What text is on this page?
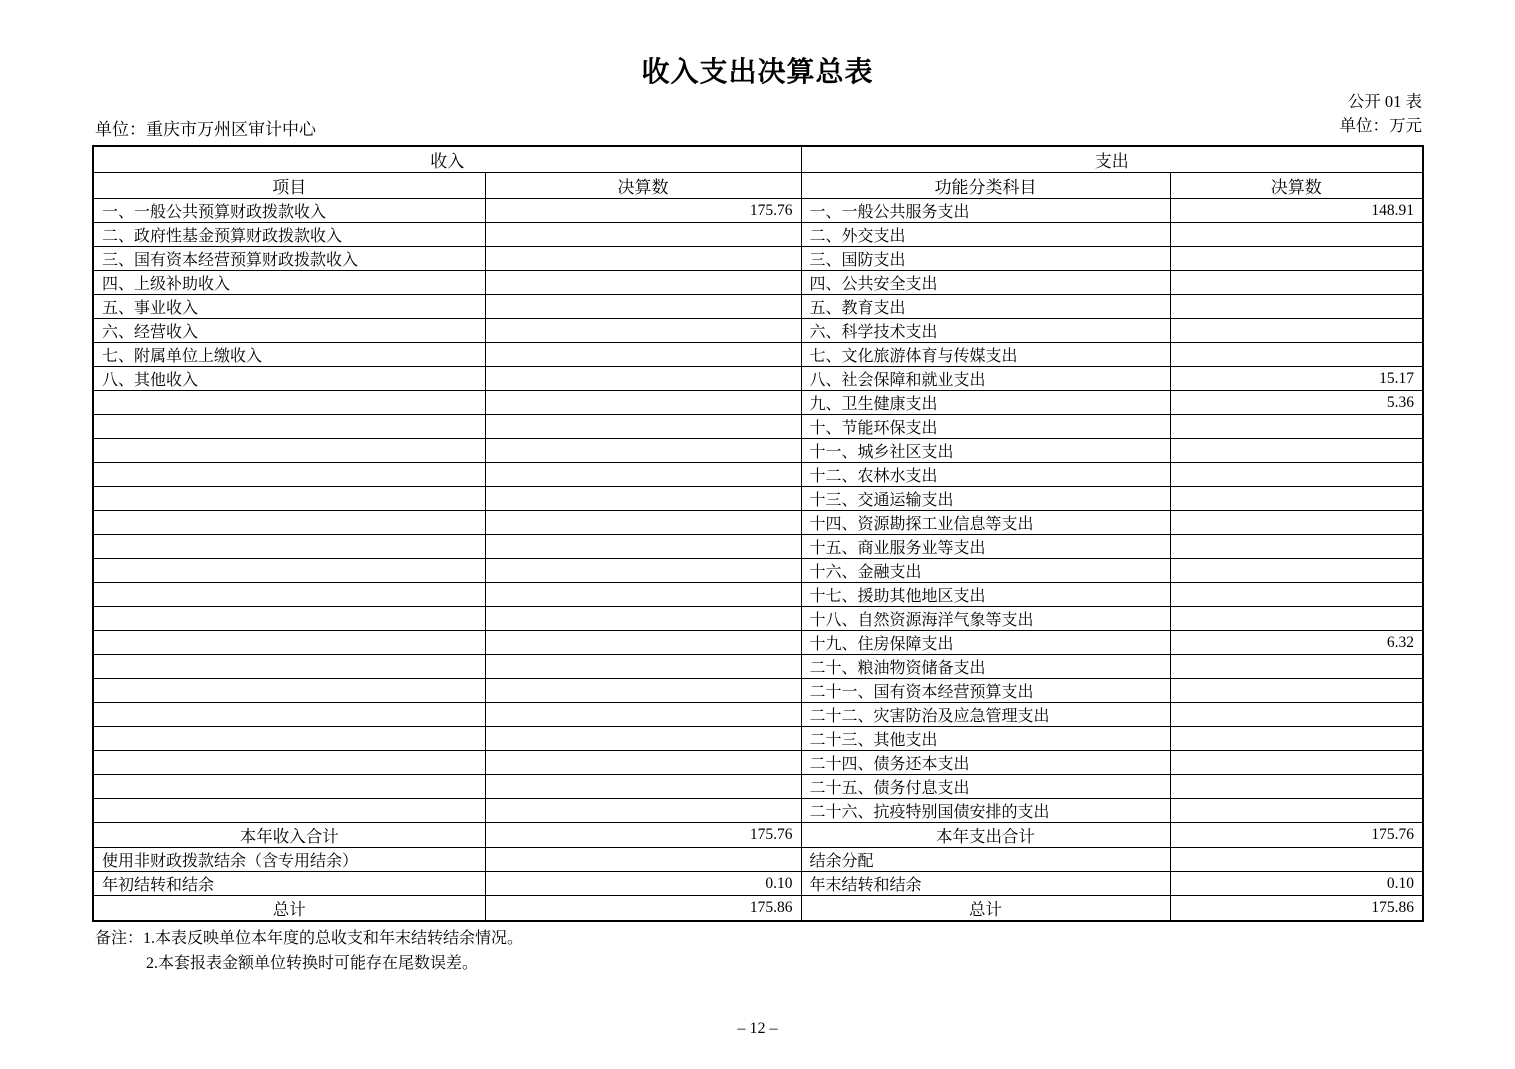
收入支出决算总表
公开 01 表
单位：重庆市万州区审计中心	单位：万元
收入		支出	
项目	决算数	功能分类科目	决算数
一、一般公共预算财政拨款收入	175.76	一、一般公共服务支出	148.91
二、政府性基金预算财政拨款收入		二、外交支出	
三、国有资本经营预算财政拨款收入		三、国防支出	
四、上级补助收入		四、公共安全支出	
五、事业收入		五、教育支出	
六、经营收入		六、科学技术支出	
七、附属单位上缴收入		七、文化旅游体育与传媒支出	
八、其他收入		八、社会保障和就业支出	15.17
		九、卫生健康支出	5.36
		十、节能环保支出	
		十一、城乡社区支出	
		十二、农林水支出	
		十三、交通运输支出	
		十四、资源勘探工业信息等支出	
		十五、商业服务业等支出	
		十六、金融支出	
		十七、援助其他地区支出	
		十八、自然资源海洋气象等支出	
		十九、住房保障支出	6.32
		二十、粮油物资储备支出	
		二十一、国有资本经营预算支出	
		二十二、灾害防治及应急管理支出	
		二十三、其他支出	
		二十四、债务还本支出	
		二十五、债务付息支出	
		二十六、抗疫特别国债安排的支出	
本年收入合计	175.76	本年支出合计	175.76
使用非财政拨款结余（含专用结余）		结余分配	
年初结转和结余	0.10	年末结转和结余	0.10
总计	175.86	总计	175.86
备注：1.本表反映单位本年度的总收支和年末结转结余情况。
2.本套报表金额单位转换时可能存在尾数误差。
– 12 –
